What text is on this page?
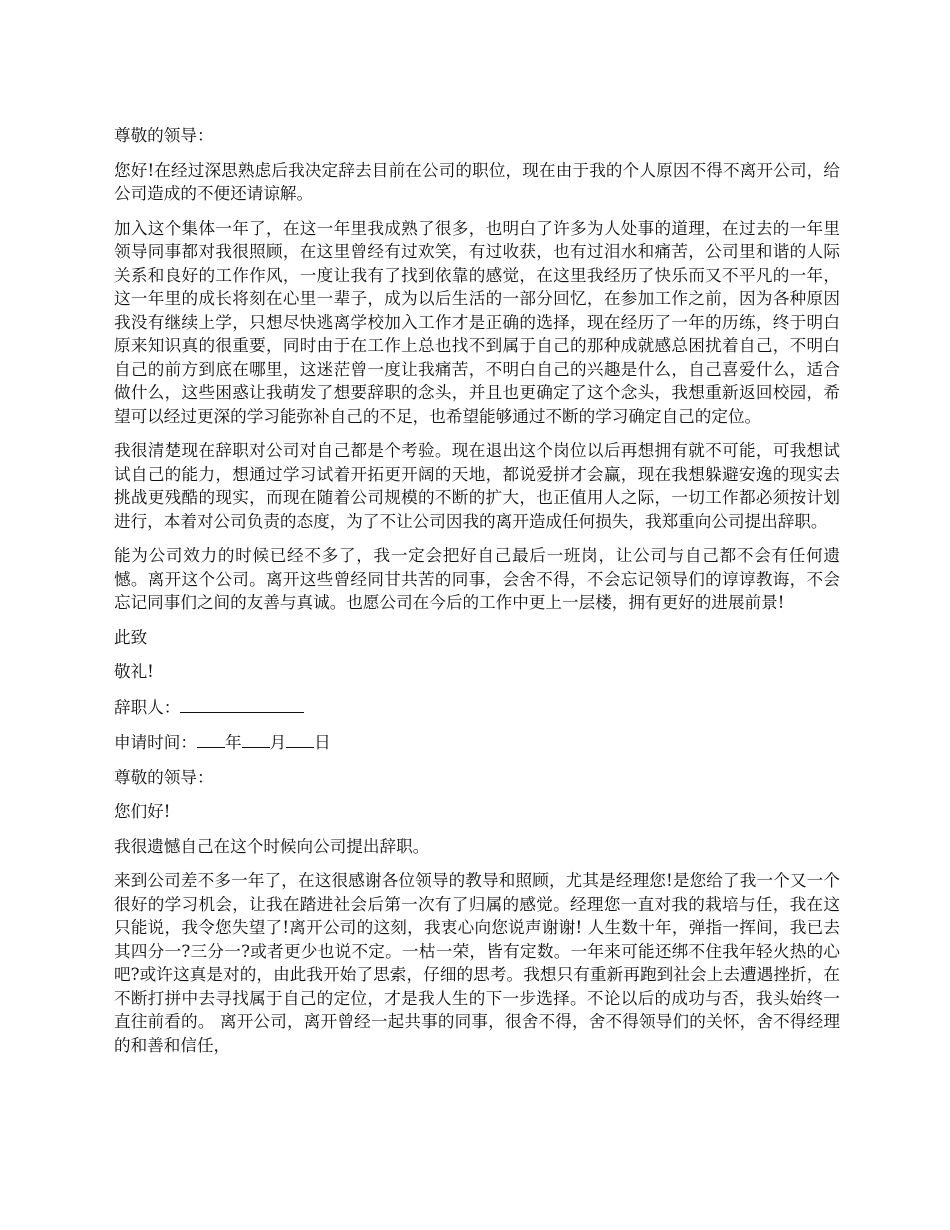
尊敬的领导：

您好!在经过深思熟虑后我决定辞去目前在公司的职位，现在由于我的个人原因不得不离开公司，给公司造成的不便还请谅解。

加入这个集体一年了，在这一年里我成熟了很多，也明白了许多为人处事的道理，在过去的一年里领导同事都对我很照顾，在这里曾经有过欢笑，有过收获，也有过泪水和痛苦，公司里和谐的人际关系和良好的工作作风，一度让我有了找到依靠的感觉，在这里我经历了快乐而又不平凡的一年，这一年里的成长将刻在心里一辈子，成为以后生活的一部分回忆，在参加工作之前，因为各种原因我没有继续上学，只想尽快逃离学校加入工作才是正确的选择，现在经历了一年的历练，终于明白原来知识真的很重要，同时由于在工作上总也找不到属于自己的那种成就感总困扰着自己，不明白自己的前方到底在哪里，这迷茫曾一度让我痛苦，不明白自己的兴趣是什么，自己喜爱什么，适合做什么，这些困惑让我萌发了想要辞职的念头，并且也更确定了这个念头，我想重新返回校园，希望可以经过更深的学习能弥补自己的不足，也希望能够通过不断的学习确定自己的定位。

我很清楚现在辞职对公司对自己都是个考验。现在退出这个岗位以后再想拥有就不可能，可我想试试自己的能力，想通过学习试着开拓更开阔的天地，都说爱拼才会赢，现在我想躲避安逸的现实去挑战更残酷的现实，而现在随着公司规模的不断的扩大，也正值用人之际，一切工作都必须按计划进行，本着对公司负责的态度，为了不让公司因我的离开造成任何损失，我郑重向公司提出辞职。

能为公司效力的时候已经不多了，我一定会把好自己最后一班岗，让公司与自己都不会有任何遗憾。离开这个公司。离开这些曾经同甘共苦的同事，会舍不得，不会忘记领导们的谆谆教诲，不会忘记同事们之间的友善与真诚。也愿公司在今后的工作中更上一层楼，拥有更好的进展前景!

此致

敬礼!

辞职人：

申请时间： 年 月 日

尊敬的领导：

您们好!

我很遗憾自己在这个时候向公司提出辞职。

来到公司差不多一年了，在这很感谢各位领导的教导和照顾，尤其是经理您!是您给了我一个又一个很好的学习机会，让我在踏进社会后第一次有了归属的感觉。经理您一直对我的栽培与任，我在这只能说，我令您失望了!离开公司的这刻，我衷心向您说声谢谢! 人生数十年，弹指一挥间，我已去其四分一?三分一?或者更少也说不定。一枯一荣，皆有定数。一年来可能还绑不住我年轻火热的心吧?或许这真是对的，由此我开始了思索，仔细的思考。我想只有重新再跑到社会上去遭遇挫折，在不断打拼中去寻找属于自己的定位，才是我人生的下一步选择。不论以后的成功与否，我头始终一直往前看的。 离开公司，离开曾经一起共事的同事，很舍不得，舍不得领导们的关怀，舍不得经理的和善和信任，
